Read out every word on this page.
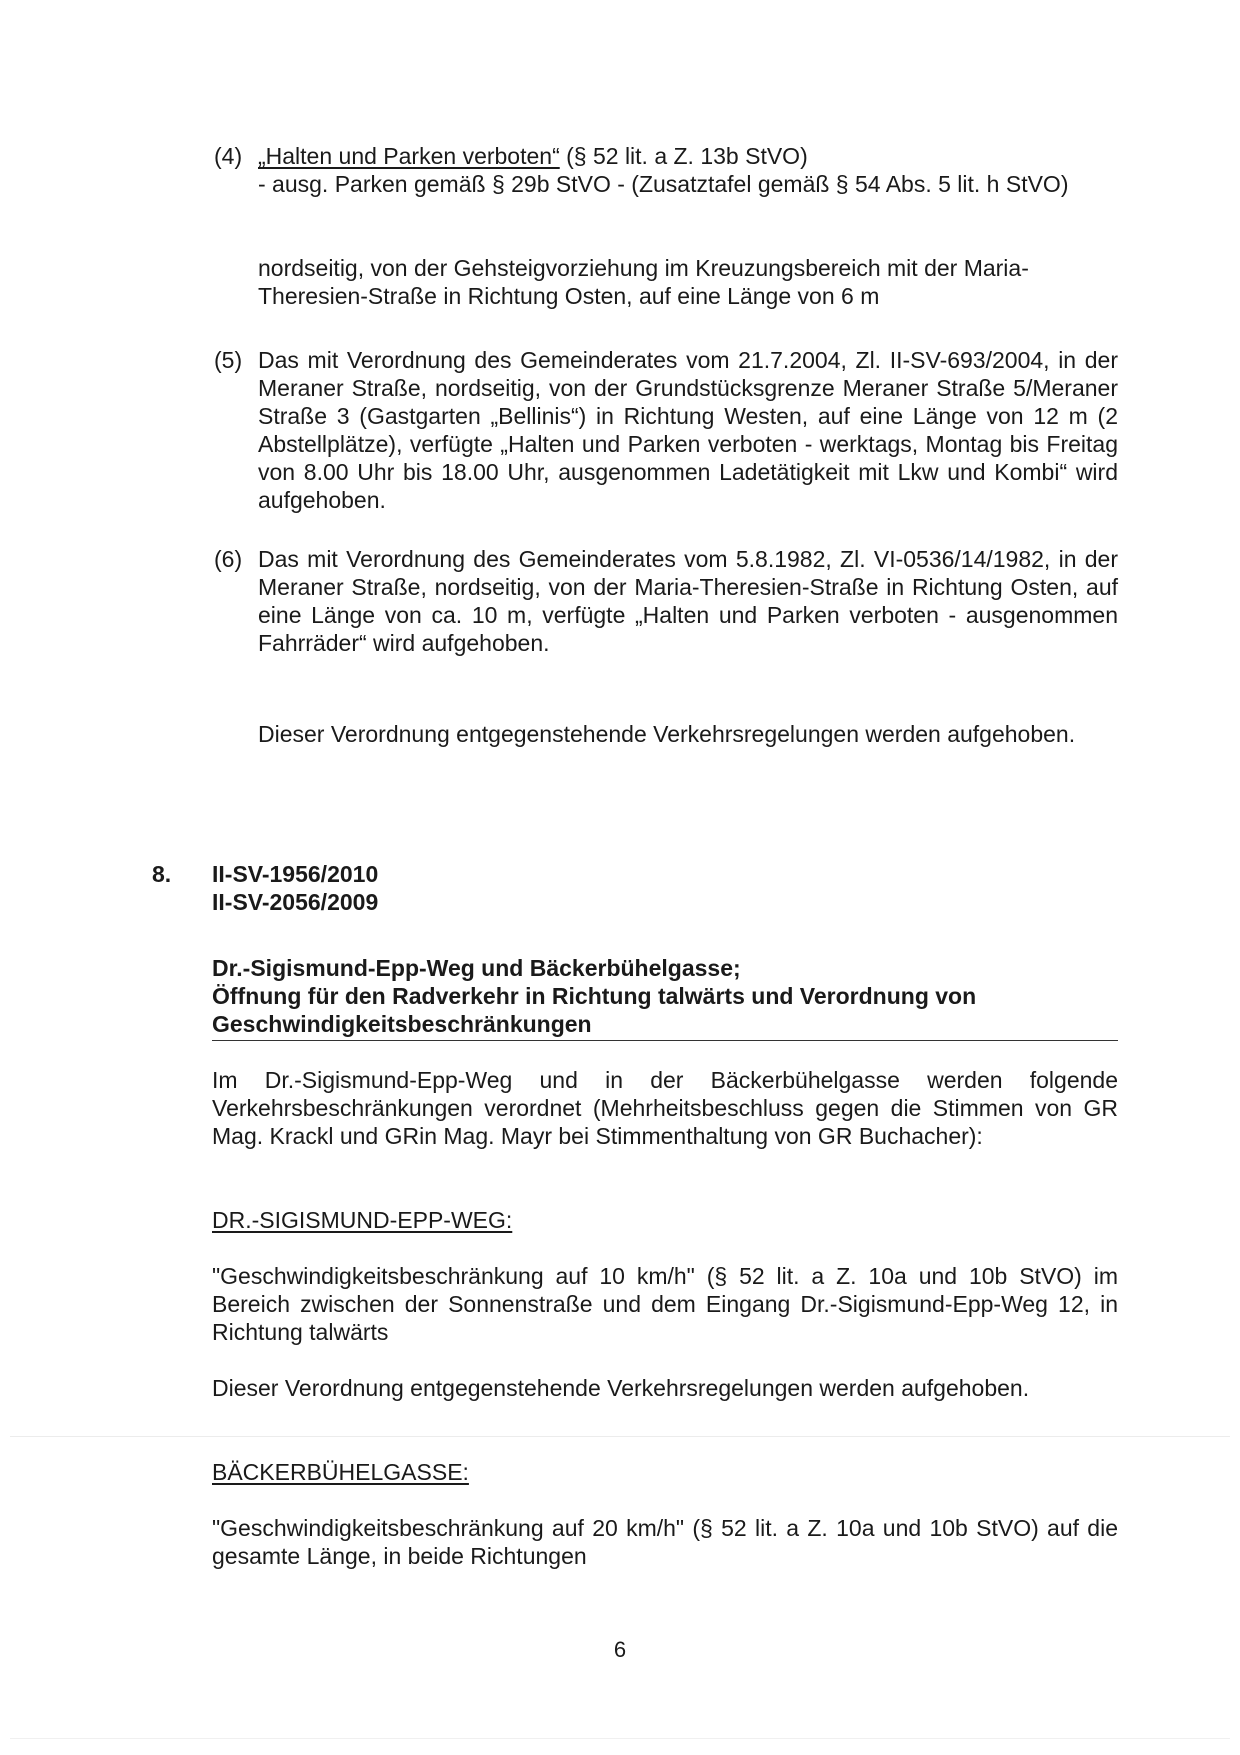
(4) „Halten und Parken verboten“ (§ 52 lit. a Z. 13b StVO)
- ausg. Parken gemäß § 29b StVO - (Zusatztafel gemäß § 54 Abs. 5 lit. h StVO)
nordseitig, von der Gehsteigvorziehung im Kreuzungsbereich mit der Maria-Theresien-Straße in Richtung Osten, auf eine Länge von 6 m
(5) Das mit Verordnung des Gemeinderates vom 21.7.2004, Zl. II-SV-693/2004, in der Meraner Straße, nordseitig, von der Grundstücksgrenze Meraner Straße 5/Meraner Straße 3 (Gastgarten „Bellinis“) in Richtung Westen, auf eine Länge von 12 m (2 Abstellplätze), verfügte „Halten und Parken verboten - werktags, Montag bis Freitag von 8.00 Uhr bis 18.00 Uhr, ausgenommen Ladetätigkeit mit Lkw und Kombi“ wird aufgehoben.
(6) Das mit Verordnung des Gemeinderates vom 5.8.1982, Zl. VI-0536/14/1982, in der Meraner Straße, nordseitig, von der Maria-Theresien-Straße in Richtung Osten, auf eine Länge von ca. 10 m, verfügte „Halten und Parken verboten - ausgenommen Fahrräder“ wird aufgehoben.
Dieser Verordnung entgegenstehende Verkehrsregelungen werden aufgehoben.
8. II-SV-1956/2010
II-SV-2056/2009
Dr.-Sigismund-Epp-Weg und Bäckerbühelgasse;
Öffnung für den Radverkehr in Richtung talwärts und Verordnung von
Geschwindigkeitsbeschränkungen
Im Dr.-Sigismund-Epp-Weg und in der Bäckerbühelgasse werden folgende Verkehrsbeschränkungen verordnet (Mehrheitsbeschluss gegen die Stimmen von GR Mag. Krackl und GRin Mag. Mayr bei Stimmenthaltung von GR Buchacher):
DR.-SIGISMUND-EPP-WEG:
"Geschwindigkeitsbeschränkung auf 10 km/h" (§ 52 lit. a Z. 10a und 10b StVO) im Bereich zwischen der Sonnenstraße und dem Eingang Dr.-Sigismund-Epp-Weg 12, in Richtung talwärts
Dieser Verordnung entgegenstehende Verkehrsregelungen werden aufgehoben.
BÄCKERBÜHELGASSE:
"Geschwindigkeitsbeschränkung auf 20 km/h" (§ 52 lit. a Z. 10a und 10b StVO) auf die gesamte Länge, in beide Richtungen
6
